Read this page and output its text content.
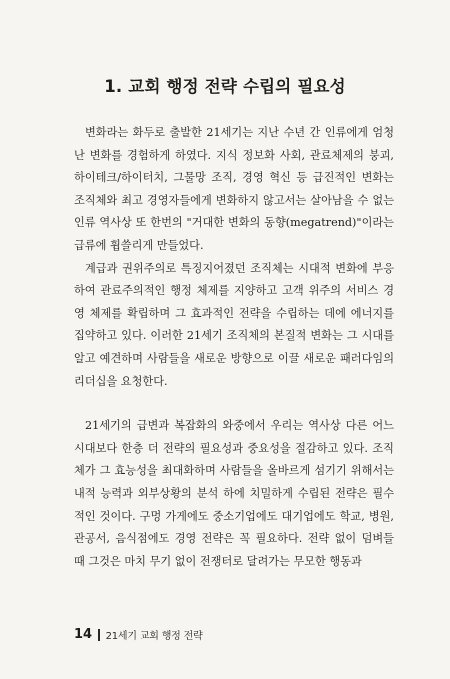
1. 교회 행정 전략 수립의 필요성

변화라는 화두로 출발한 21세기는 지난 수년 간 인류에게 엄청난 변화를 경험하게 하였다. 지식 정보화 사회, 관료체제의 붕괴, 하이테크/하이터치, 그물망 조직, 경영 혁신 등 급진적인 변화는 조직체와 최고 경영자들에게 변화하지 않고서는 살아남을 수 없는 인류 역사상 또 한번의 "거대한 변화의 동향(megatrend)"이라는 급류에 휩쓸리게 만들었다.

계급과 권위주의로 특징지어졌던 조직체는 시대적 변화에 부응하여 관료주의적인 행정 체제를 지양하고 고객 위주의 서비스 경영 체제를 확립하며 그 효과적인 전략을 수립하는 데에 에너지를 집약하고 있다. 이러한 21세기 조직체의 본질적 변화는 그 시대를 알고 예견하며 사람들을 새로운 방향으로 이끌 새로운 패러다임의 리더십을 요청한다.

21세기의 급변과 복잡화의 와중에서 우리는 역사상 다른 어느 시대보다 한층 더 전략의 필요성과 중요성을 절감하고 있다. 조직체가 그 효능성을 최대화하며 사람들을 올바르게 섬기기 위해서는 내적 능력과 외부상황의 분석 하에 치밀하게 수립된 전략은 필수적인 것이다. 구멍 가게에도 중소기업에도 대기업에도 학교, 병원, 관공서, 음식점에도 경영 전략은 꼭 필요하다. 전략 없이 덤벼들 때 그것은 마치 무기 없이 전쟁터로 달려가는 무모한 행동과

14 21세기 교회 행정 전략
